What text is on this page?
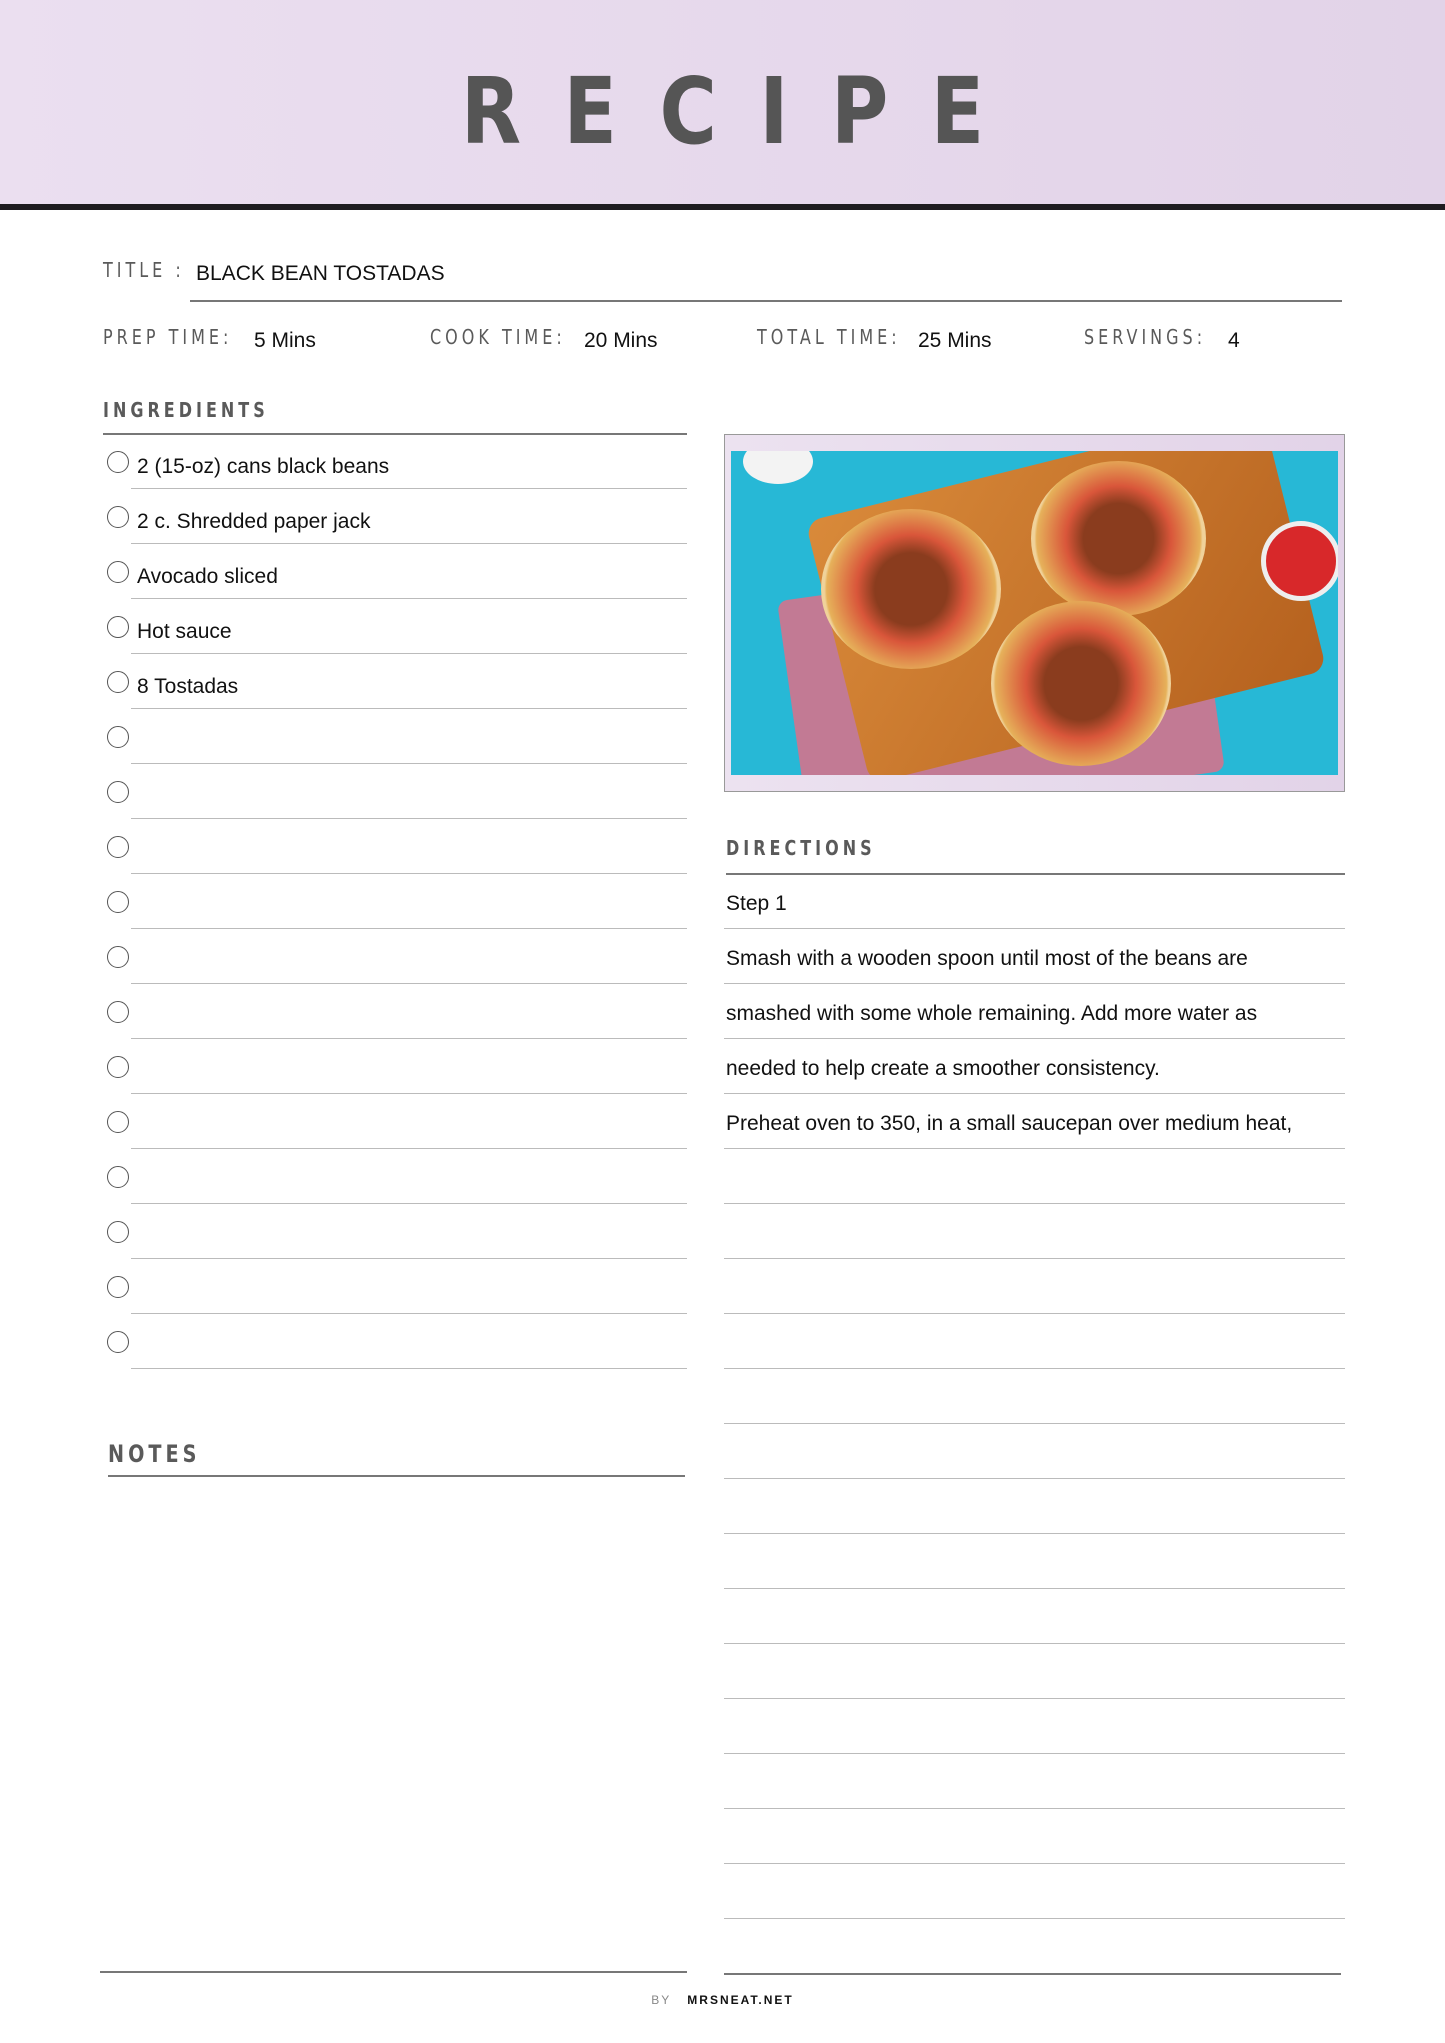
RECIPE
TITLE : BLACK BEAN TOSTADAS
PREP TIME:	5 Mins	COOK TIME: 20 Mins	TOTAL TIME: 25 Mins	SERVINGS:	4
INGREDIENTS
2 (15-oz) cans black beans
2 c. Shredded paper jack
Avocado sliced
Hot sauce
8 Tostadas
DIRECTIONS
Step 1
Smash with a wooden spoon until most of the beans are
smashed with some whole remaining. Add more water as
needed to help create a smoother consistency.
Preheat oven to 350, in a small saucepan over medium heat,
NOTES
BY MRSNEAT.NET
